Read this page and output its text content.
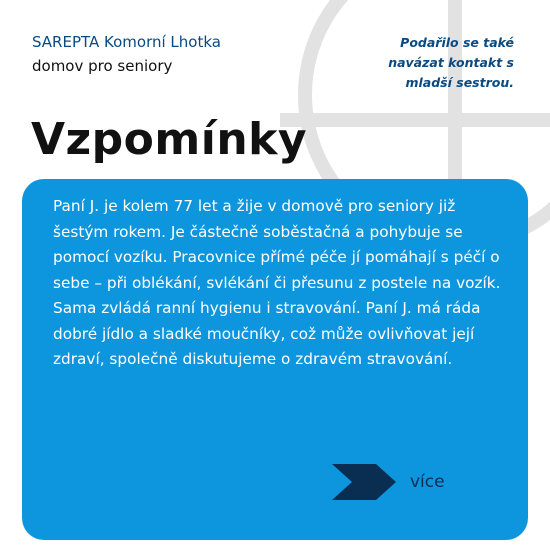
SAREPTA Komorní Lhotka
domov pro seniory
Podařilo se také navázat kontakt s mladší sestrou.
Vzpomínky

Paní J. je kolem 77 let a žije v domově pro seniory již šestým rokem. Je částečně soběstačná a pohybuje se pomocí vozíku. Pracovnice přímé péče jí pomáhají s péčí o sebe – při oblékání, svlékání či přesunu z postele na vozík. Sama zvládá ranní hygienu i stravování. Paní J. má ráda dobré jídlo a sladké moučníky, což může ovlivňovat její zdraví, společně diskutujeme o zdravém stravování.

více
